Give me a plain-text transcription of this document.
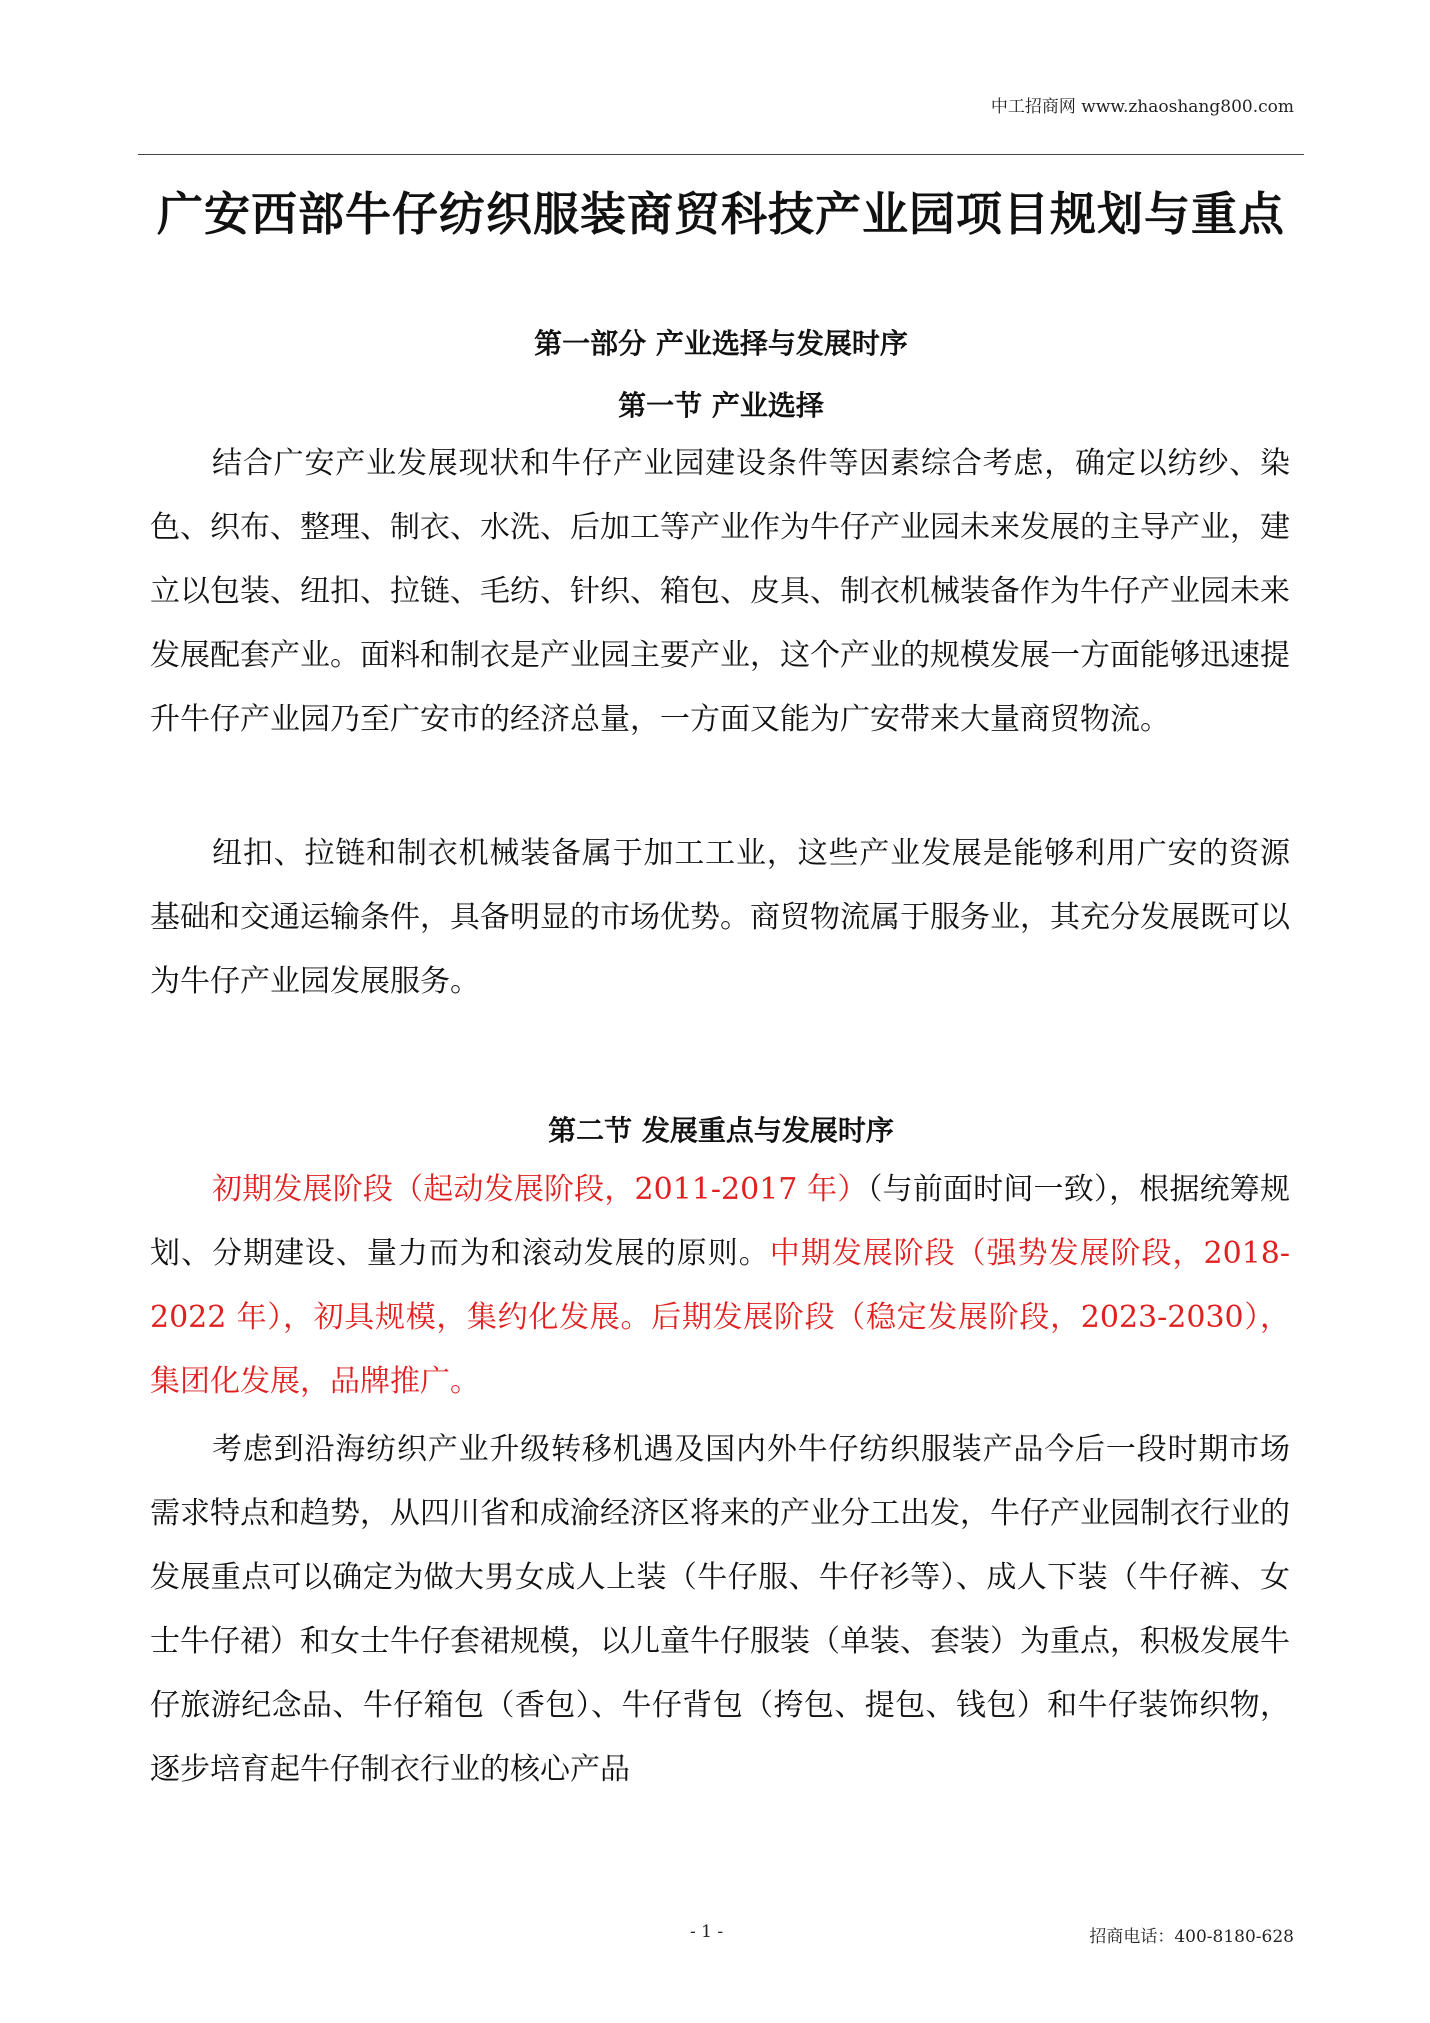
中工招商网 www.zhaoshang800.com
广安西部牛仔纺织服装商贸科技产业园项目规划与重点
第一部分 产业选择与发展时序
第一节 产业选择

结合广安产业发展现状和牛仔产业园建设条件等因素综合考虑，确定以纺纱、染色、织布、整理、制衣、水洗、后加工等产业作为牛仔产业园未来发展的主导产业，建立以包装、纽扣、拉链、毛纺、针织、箱包、皮具、制衣机械装备作为牛仔产业园未来发展配套产业。面料和制衣是产业园主要产业，这个产业的规模发展一方面能够迅速提升牛仔产业园乃至广安市的经济总量，一方面又能为广安带来大量商贸物流。

纽扣、拉链和制衣机械装备属于加工工业，这些产业发展是能够利用广安的资源基础和交通运输条件，具备明显的市场优势。商贸物流属于服务业，其充分发展既可以为牛仔产业园发展服务。

第二节 发展重点与发展时序

初期发展阶段（起动发展阶段，2011-2017 年）（与前面时间一致），根据统筹规划、分期建设、量力而为和滚动发展的原则。中期发展阶段（强势发展阶段，2018-2022 年），初具规模，集约化发展。后期发展阶段（稳定发展阶段，2023-2030），集团化发展，品牌推广。

考虑到沿海纺织产业升级转移机遇及国内外牛仔纺织服装产品今后一段时期市场需求特点和趋势，从四川省和成渝经济区将来的产业分工出发，牛仔产业园制衣行业的发展重点可以确定为做大男女成人上装（牛仔服、牛仔衫等）、成人下装（牛仔裤、女士牛仔裙）和女士牛仔套裙规模，以儿童牛仔服装（单装、套装）为重点，积极发展牛仔旅游纪念品、牛仔箱包（香包）、牛仔背包（挎包、提包、钱包）和牛仔装饰织物，逐步培育起牛仔制衣行业的核心产品

- 1 -	招商电话：400-8180-628
